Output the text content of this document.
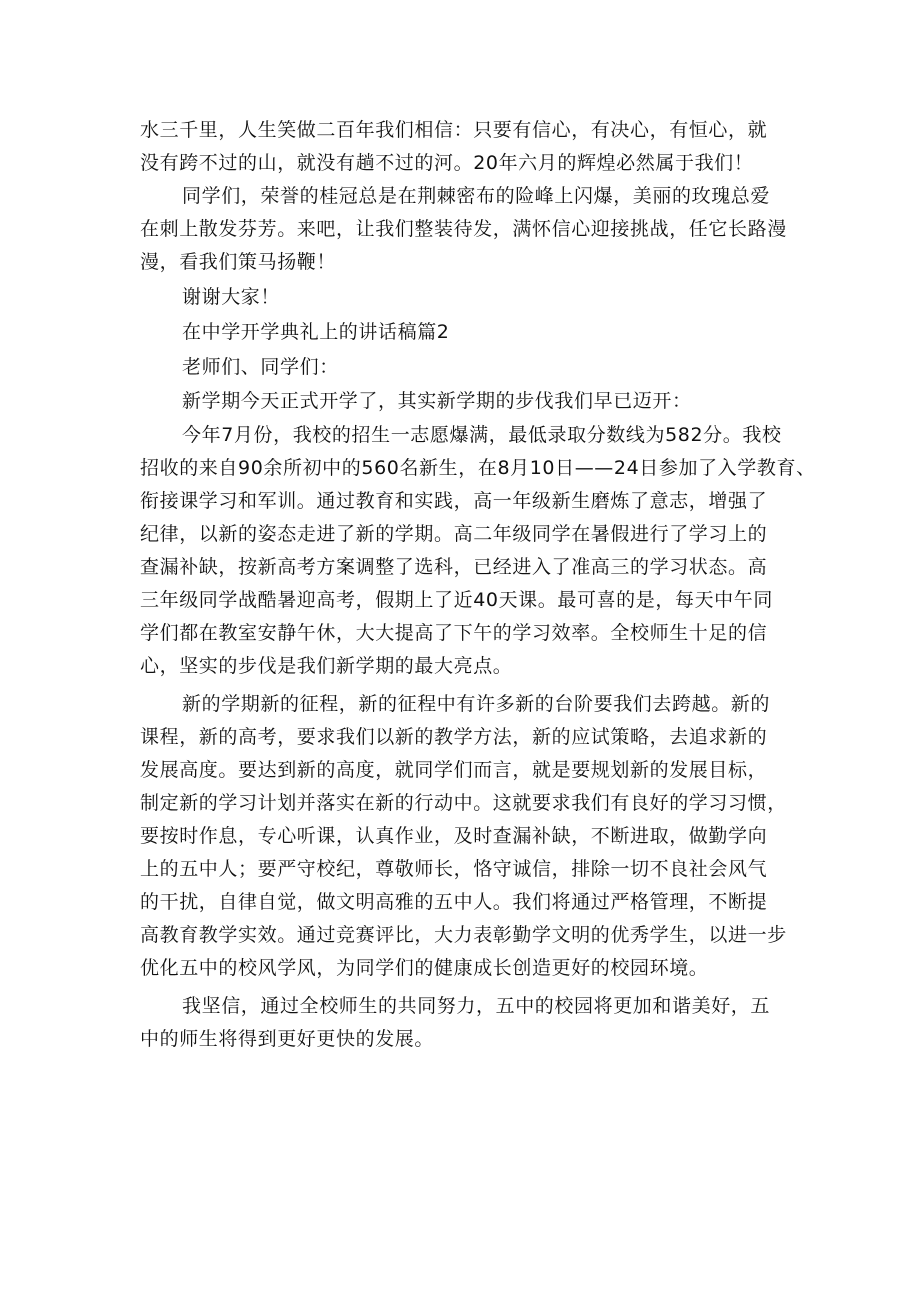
水三千里，人生笑做二百年我们相信：只要有信心，有决心，有恒心，就
没有跨不过的山，就没有趟不过的河。20年六月的辉煌必然属于我们！
同学们，荣誉的桂冠总是在荆棘密布的险峰上闪爆，美丽的玫瑰总爱
在刺上散发芬芳。来吧，让我们整装待发，满怀信心迎接挑战，任它长路漫
漫，看我们策马扬鞭！
谢谢大家！
在中学开学典礼上的讲话稿篇2
老师们、同学们：
新学期今天正式开学了，其实新学期的步伐我们早已迈开：
今年7月份，我校的招生一志愿爆满，最低录取分数线为582分。我校
招收的来自90余所初中的560名新生，在8月10日——24日参加了入学教育、
衔接课学习和军训。通过教育和实践，高一年级新生磨炼了意志，增强了
纪律，以新的姿态走进了新的学期。高二年级同学在暑假进行了学习上的
查漏补缺，按新高考方案调整了选科，已经进入了准高三的学习状态。高
三年级同学战酷暑迎高考，假期上了近40天课。最可喜的是，每天中午同
学们都在教室安静午休，大大提高了下午的学习效率。全校师生十足的信
心，坚实的步伐是我们新学期的最大亮点。
新的学期新的征程，新的征程中有许多新的台阶要我们去跨越。新的
课程，新的高考，要求我们以新的教学方法，新的应试策略，去追求新的
发展高度。要达到新的高度，就同学们而言，就是要规划新的发展目标，
制定新的学习计划并落实在新的行动中。这就要求我们有良好的学习习惯，
要按时作息，专心听课，认真作业，及时查漏补缺，不断进取，做勤学向
上的五中人；要严守校纪，尊敬师长，恪守诚信，排除一切不良社会风气
的干扰，自律自觉，做文明高雅的五中人。我们将通过严格管理，不断提
高教育教学实效。通过竞赛评比，大力表彰勤学文明的优秀学生，以进一步
优化五中的校风学风，为同学们的健康成长创造更好的校园环境。
我坚信，通过全校师生的共同努力，五中的校园将更加和谐美好，五
中的师生将得到更好更快的发展。
